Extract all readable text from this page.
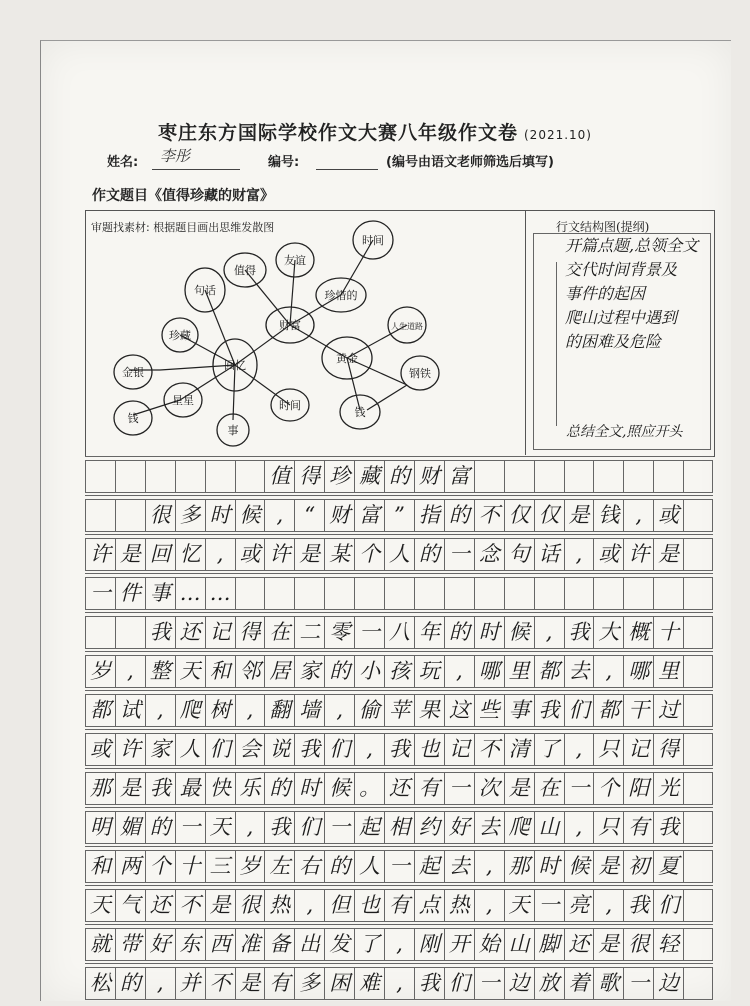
枣庄东方国际学校作文大赛八年级作文卷 (2021.10)
姓名: 李彤	编号:	(编号由语文老师筛选后填写)
作文题目《值得珍藏的财富》
审题找素材: 根据题目画出思维发散图
句话
值得
友谊
时间
珍惜的
财富	人生道路
黄金
钢铁
钱
时间
事
珍藏
回忆
金银
星星
钱
行文结构图(提纲)
开篇点题,总领全文
交代时间背景及
事件的起因
爬山过程中遇到
的困难及危险
总结全文,照应开头
值 得 珍 藏 的 财 富
很 多 时 候 ,	“ 财 富 ” 指 的 不 仅 仅 是 钱 , 或
许 是 回 忆 , 或 许 是 某 个 人 的 一 念 句 话 , 或 许 是
一 件 事 … …
我 还 记 得 在 二 零 一 八 年 的 时 候 , 我 大 概 十
岁 , 整 天 和 邻 居 家 的 小 孩 玩 , 哪 里 都 去 , 哪 里
都 试 , 爬 树 , 翻 墙 , 偷 苹 果 这 些 事 我 们 都 干 过
或 许 家 人 们 会 说 我 们 , 我 也 记 不 清 了 , 只 记 得
那 是 我 最 快 乐 的 时 候 。 还 有 一 次 是 在 一 个 阳 光
明 媚 的 一 天 , 我 们 一 起 相 约 好 去 爬 山 , 只 有 我
和 两 个 十 三 岁 左 右 的 人 一 起 去 , 那 时 候 是 初 夏
天 气 还 不 是 很 热 , 但 也 有 点 热 , 天 一 亮 , 我 们
就 带 好 东 西 准 备 出 发 了 , 刚 开 始 山 脚 还 是 很 轻
松 的 , 并 不 是 有 多 困 难 , 我 们 一 边 放 着 歌 一 边
